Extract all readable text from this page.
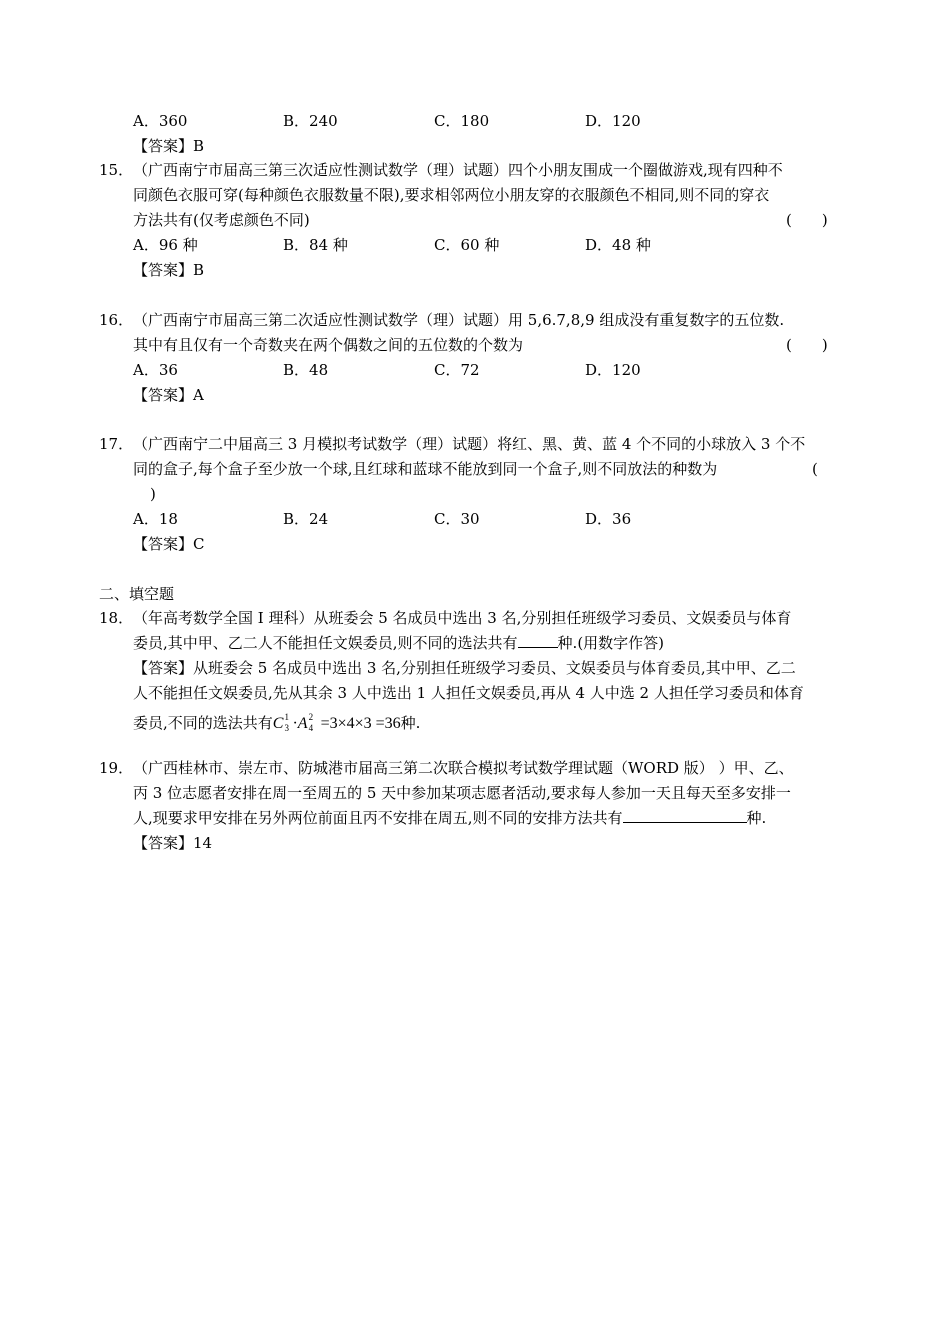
A．360	B．240	C．180	D．120
【答案】B
15． （广西南宁市届高三第三次适应性测试数学（理）试题）四个小朋友围成一个圈做游戏,现有四种不
同颜色衣服可穿(每种颜色衣服数量不限),要求相邻两位小朋友穿的衣服颜色不相同,则不同的穿衣
方法共有(仅考虑颜色不同)	(　　)
A．96 种	B．84 种	C．60 种	D．48 种
【答案】B
16． （广西南宁市届高三第二次适应性测试数学（理）试题）用 5,6.7,8,9 组成没有重复数字的五位数.
其中有且仅有一个奇数夹在两个偶数之间的五位数的个数为	(　　)
A．36	B．48	C．72	D．120
【答案】A
17． （广西南宁二中届高三 3 月模拟考试数学（理）试题）将红、黑、黄、蓝 4 个不同的小球放入 3 个不
同的盒子,每个盒子至少放一个球,且红球和蓝球不能放到同一个盒子,则不同放法的种数为	(
)
A．18	B．24	C．30	D．36
【答案】C
二、填空题
18． （年高考数学全国 I 理科）从班委会 5 名成员中选出 3 名,分别担任班级学习委员、文娱委员与体育
委员,其中甲、乙二人不能担任文娱委员,则不同的选法共有	种.(用数字作答)
【答案】从班委会 5 名成员中选出 3 名,分别担任班级学习委员、文娱委员与体育委员,其中甲、乙二
人不能担任文娱委员,先从其余 3 人中选出 1 人担任文娱委员,再从 4 人中选 2 人担任学习委员和体育
委员,不同的选法共有C 1
3 ·A 2
4 =3×4×3 =36种.
19． （广西桂林市、崇左市、防城港市届高三第二次联合模拟考试数学理试题（WORD 版） ）甲、乙、
丙 3 位志愿者安排在周一至周五的 5 天中参加某项志愿者活动,要求每人参加一天且每天至多安排一
人,现要求甲安排在另外两位前面且丙不安排在周五,则不同的安排方法共有	种.
【答案】14
